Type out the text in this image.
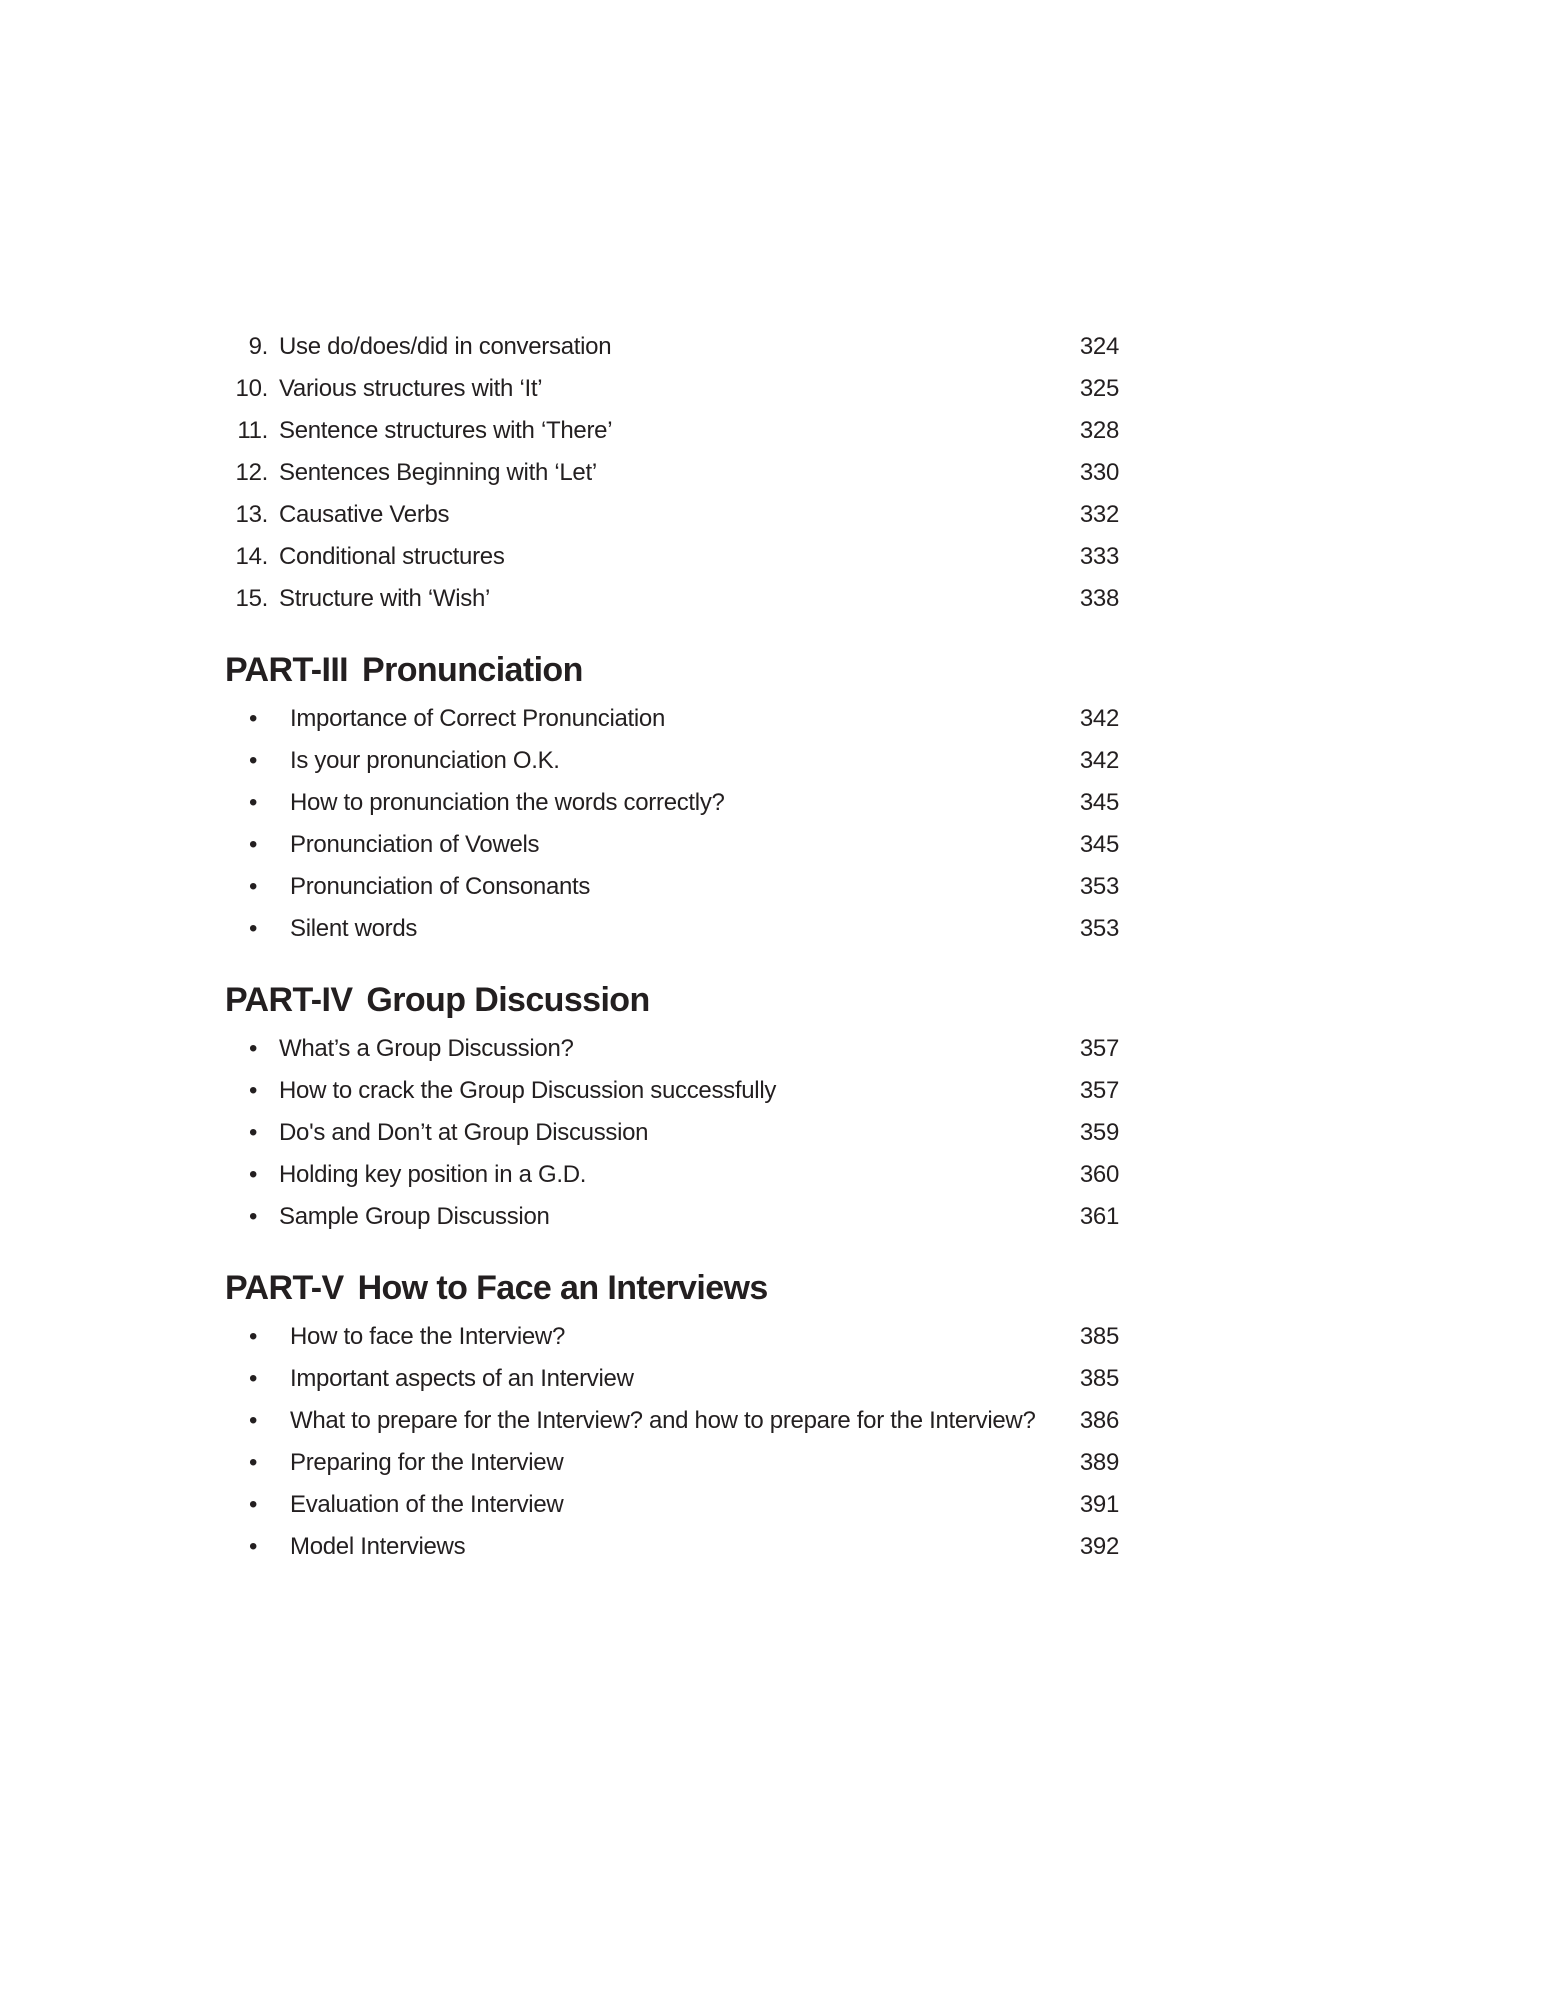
9. Use do/does/did in conversation	324
10. Various structures with ‘It’	325
11. Sentence structures with ‘There’	328
12. Sentences Beginning with ‘Let’	330
13. Causative Verbs	332
14. Conditional structures	333
15. Structure with ‘Wish’	338
PART-III Pronunciation
• Importance of Correct Pronunciation	342
• Is your pronunciation O.K.	342
• How to pronunciation the words correctly?	345
• Pronunciation of Vowels	345
• Pronunciation of Consonants	353
• Silent words	353
PART-IV Group Discussion
• What’s a Group Discussion?	357
• How to crack the Group Discussion successfully	357
• Do's and Don’t at Group Discussion	359
• Holding key position in a G.D.	360
• Sample Group Discussion	361
PART-V How to Face an Interviews
• How to face the Interview?	385
• Important aspects of an Interview	385
• What to prepare for the Interview? and how to prepare for the Interview? 386
• Preparing for the Interview	389
• Evaluation of the Interview	391
• Model Interviews	392
